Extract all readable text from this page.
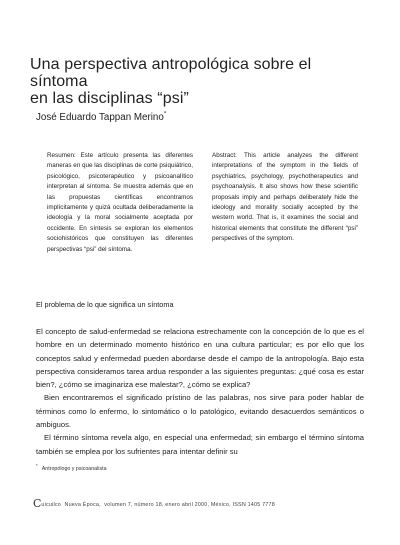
Una perspectiva antropológica sobre el síntoma
en las disciplinas “psi”
José Eduardo Tappan Merino*
Resumen: Este artículo presenta las diferentes maneras en que las disciplinas de corte psiquiátrico, psicológico, psicoterapéutico y psicoanalítico interpretan al síntoma. Se muestra además que en las propuestas científicas encontramos implícitamente y quizá ocultada deliberadamente la ideología y la moral socialmente aceptada por occidente. En síntesis se exploran los elementos sociohistóricos que constituyen las diferentes perspectivas “psi” del síntoma.
Abstract: This article analyzes the different interpretations of the symptom in the fields of psychiatrics, psychology, psychotherapeutics and psychoanalysis. It also shows how these scientific proposals imply and perhaps deliberately hide the ideology and morality socially accepted by the western world. That is, it examines the social and historical elements that constitute the different “psi” perspectives of the symptom.
El problema de lo que significa un síntoma

El concepto de salud-enfermedad se relaciona estrechamente con la concepción de lo que es el hombre en un determinado momento histórico en una cultura particular; es por ello que los conceptos salud y enfermedad pueden abordarse desde el campo de la antropología. Bajo esta perspectiva consideramos tarea ardua responder a las siguientes preguntas: ¿qué cosa es estar bien?, ¿cómo se imaginariza ese malestar?, ¿cómo se explica?

Bien encontraremos el significado prístino de las palabras, nos sirve para poder hablar de términos como lo enfermo, lo sintomático o lo patológico, evitando desacuerdos semánticos o ambiguos.

El término síntoma revela algo, en especial una enfermedad; sin embargo el término síntoma también se emplea por los sufrientes para intentar definir su

*Antropólogo y psicoanalista
Cuicuilco Nueva Época, volumen 7, número 18, enero abril 2000, México, ISSN 1405 7778
